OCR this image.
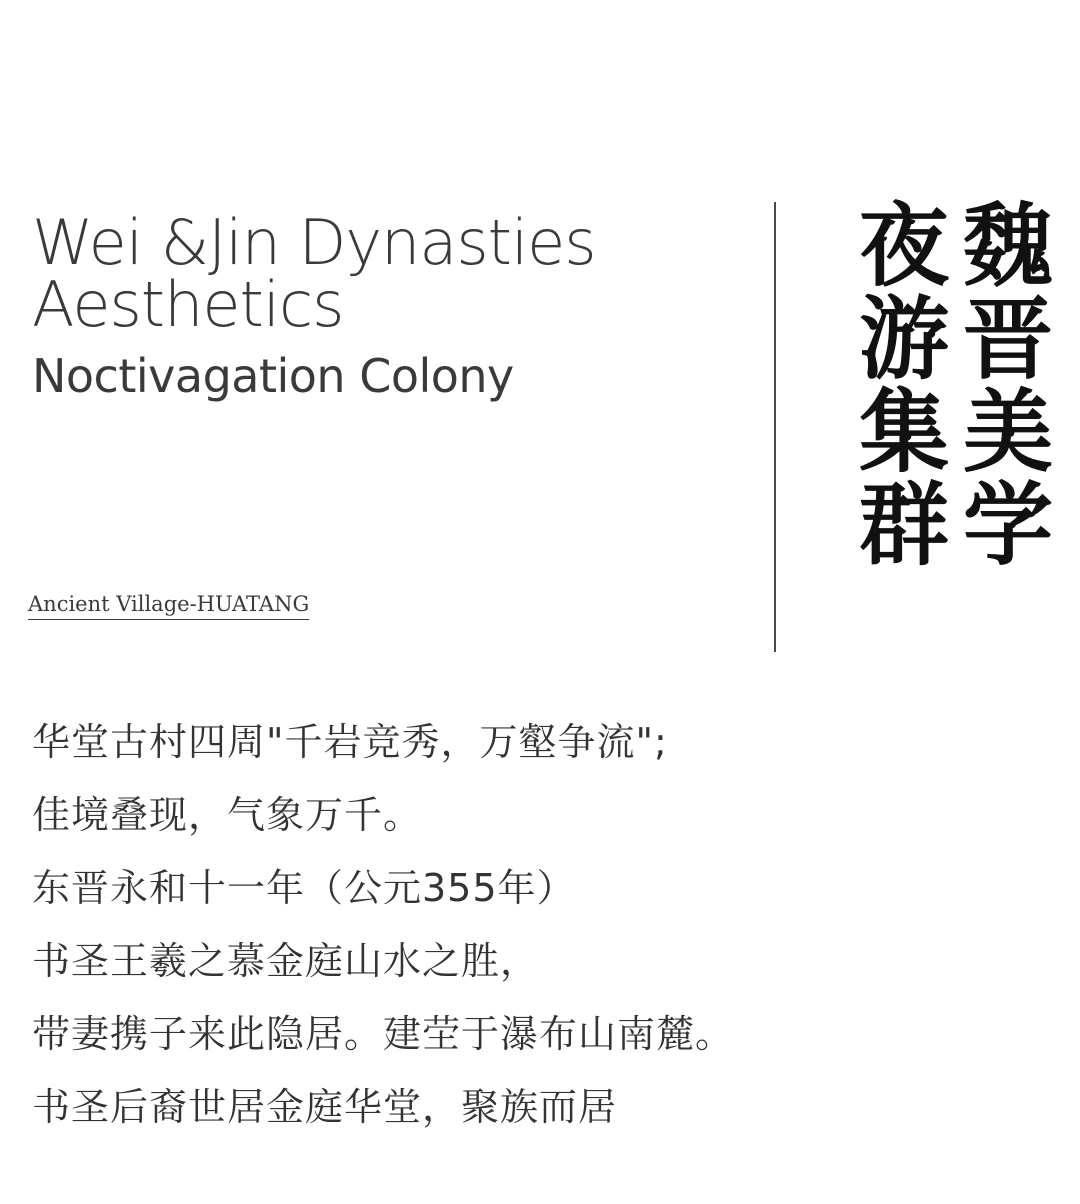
Wei &Jin Dynasties
Aesthetics
Noctivagation Colony
Ancient Village-HUATANG
魏
晋
美
学
夜
游
集
群

华堂古村四周"千岩竞秀，万壑争流";

佳境叠现，气象万千。

东晋永和十一年（公元355年）

书圣王羲之慕金庭山水之胜，

带妻携子来此隐居。建茔于瀑布山南麓。

书圣后裔世居金庭华堂，聚族而居
